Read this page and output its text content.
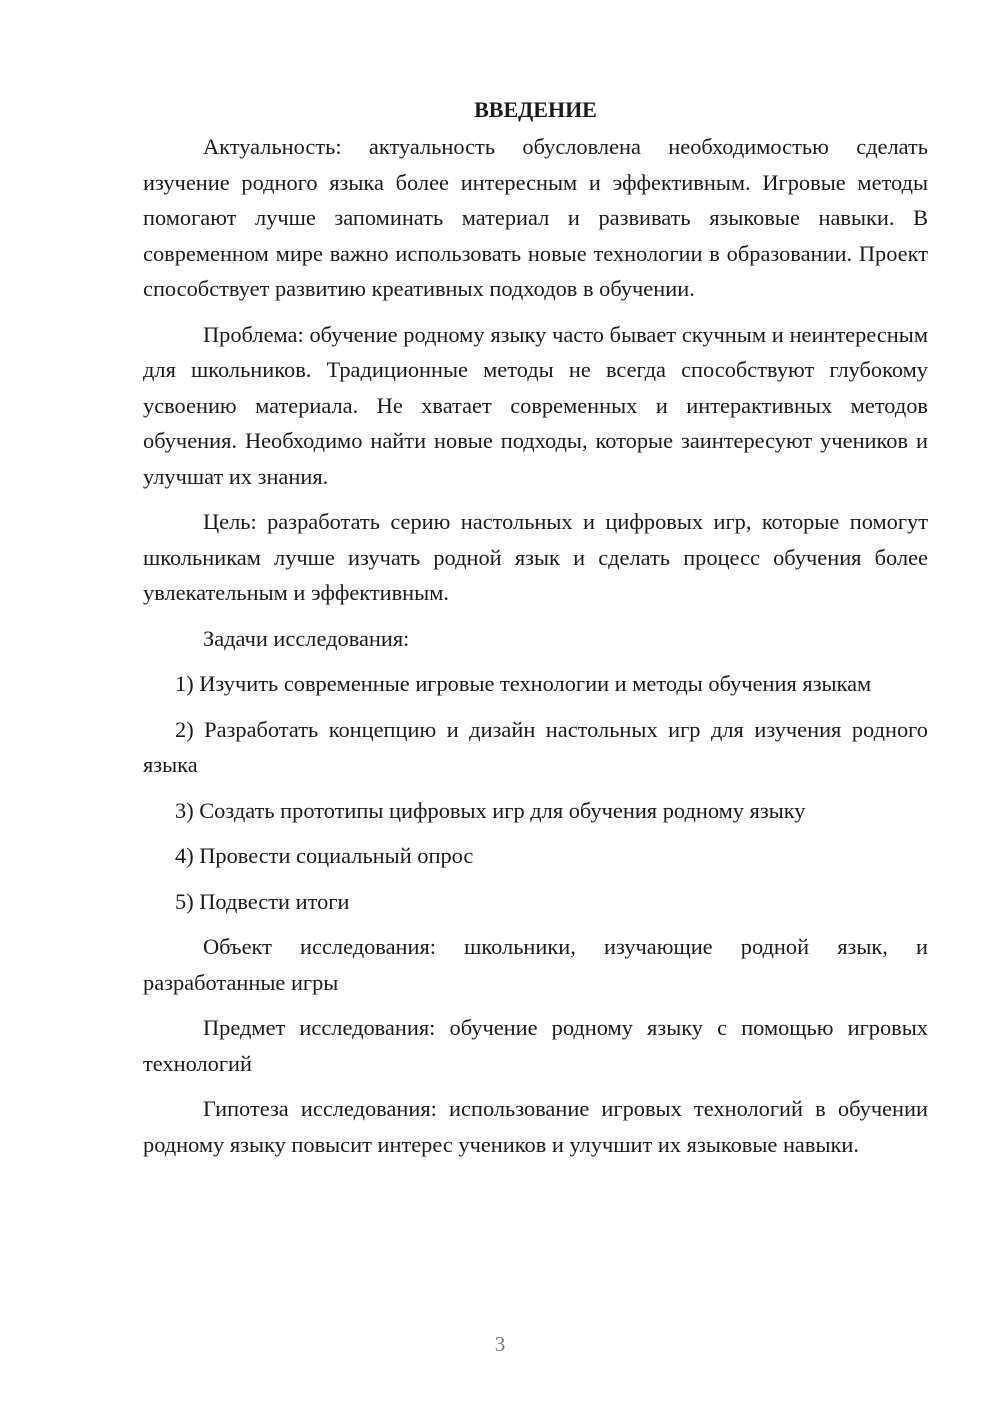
ВВЕДЕНИЕ

Актуальность: актуальность обусловлена необходимостью сделать изучение родного языка более интересным и эффективным. Игровые методы помогают лучше запоминать материал и развивать языковые навыки. В современном мире важно использовать новые технологии в образовании. Проект способствует развитию креативных подходов в обучении.

Проблема: обучение родному языку часто бывает скучным и неинтересным для школьников. Традиционные методы не всегда способствуют глубокому усвоению материала. Не хватает современных и интерактивных методов обучения. Необходимо найти новые подходы, которые заинтересуют учеников и улучшат их знания.

Цель: разработать серию настольных и цифровых игр, которые помогут школьникам лучше изучать родной язык и сделать процесс обучения более увлекательным и эффективным.

Задачи исследования:

1) Изучить современные игровые технологии и методы обучения языкам

2) Разработать концепцию и дизайн настольных игр для изучения родного языка

3) Создать прототипы цифровых игр для обучения родному языку

4) Провести социальный опрос

5) Подвести итоги

Объект исследования: школьники, изучающие родной язык, и разработанные игры

Предмет исследования: обучение родному языку с помощью игровых технологий

Гипотеза исследования: использование игровых технологий в обучении родному языку повысит интерес учеников и улучшит их языковые навыки.

3
